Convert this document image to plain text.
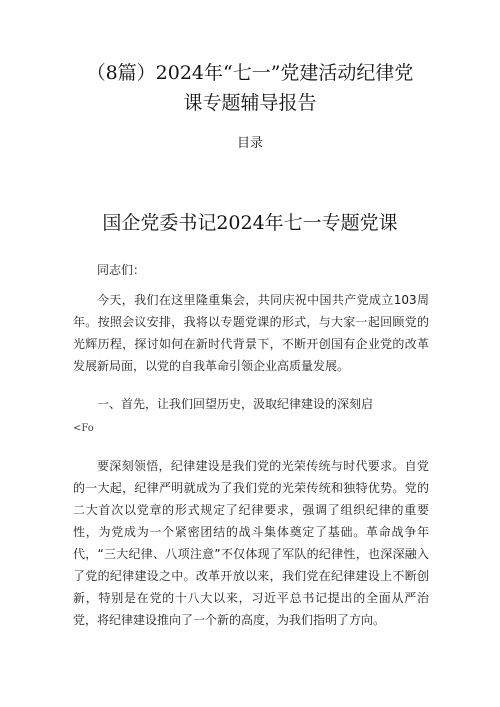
（8篇）2024年“七一”党建活动纪律党
课专题辅导报告

目录

国企党委书记2024年七一专题党课

同志们：

今天，我们在这里隆重集会，共同庆祝中国共产党成立103周年。按照会议安排，我将以专题党课的形式，与大家一起回顾党的光辉历程，探讨如何在新时代背景下，不断开创国有企业党的改革发展新局面，以党的自我革命引领企业高质量发展。

一、首先，让我们回望历史，汲取纪律建设的深刻启

<Fo

要深刻领悟，纪律建设是我们党的光荣传统与时代要求。自党的一大起，纪律严明就成为了我们党的光荣传统和独特优势。党的二大首次以党章的形式规定了纪律要求，强调了组织纪律的重要性，为党成为一个紧密团结的战斗集体奠定了基础。革命战争年代，“三大纪律、八项注意”不仅体现了军队的纪律性，也深深融入了党的纪律建设之中。改革开放以来，我们党在纪律建设上不断创新，特别是在党的十八大以来，习近平总书记提出的全面从严治党，将纪律建设推向了一个新的高度，为我们指明了方向。
